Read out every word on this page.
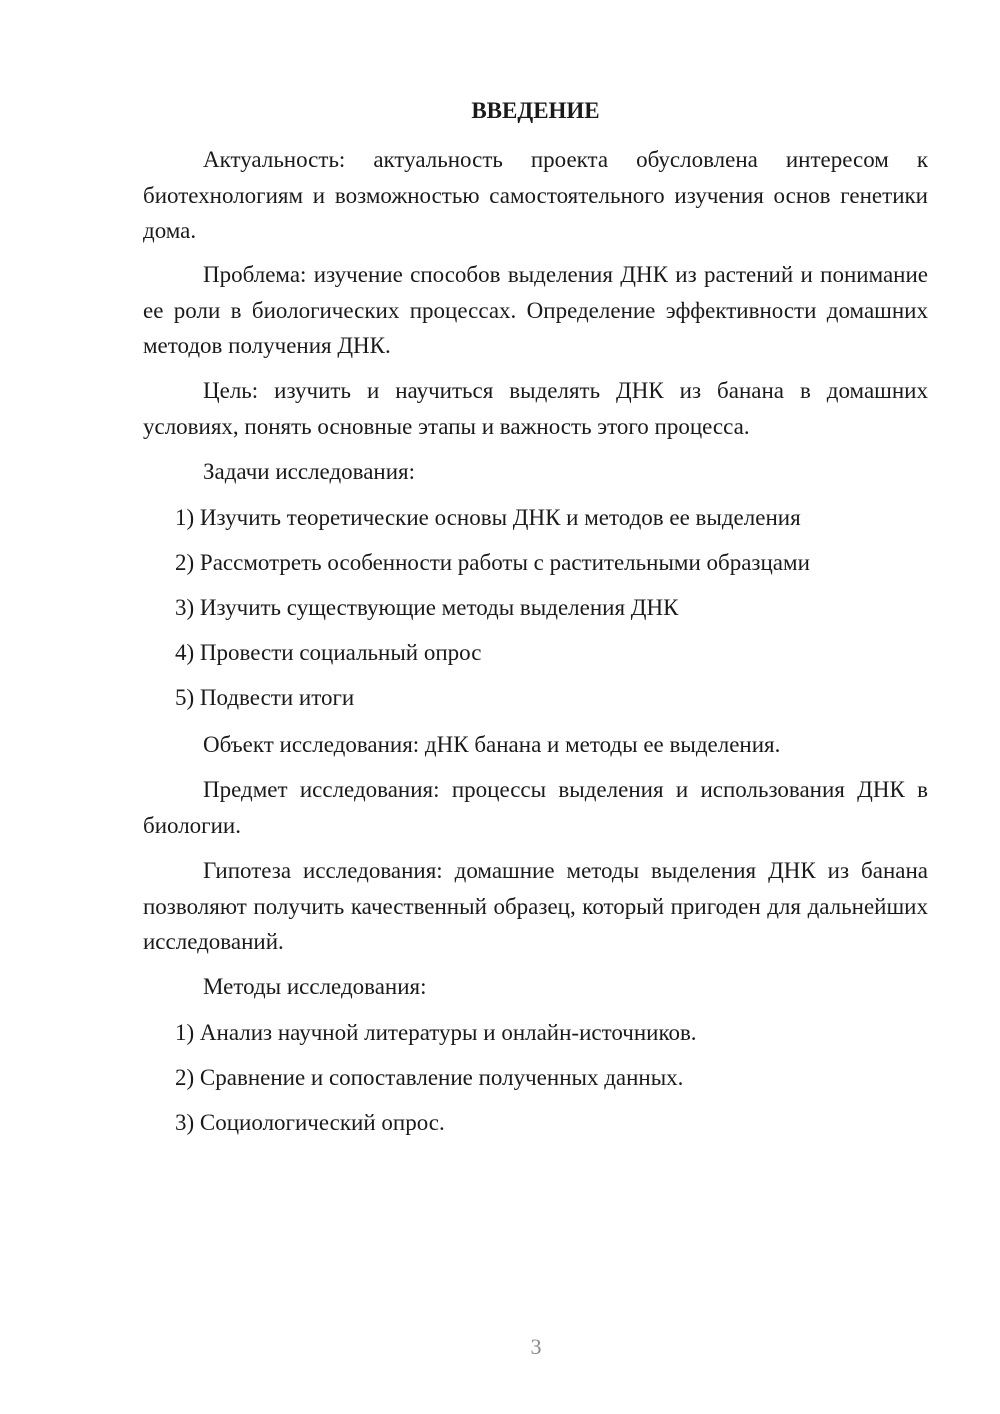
ВВЕДЕНИЕ

Актуальность: актуальность проекта обусловлена интересом к биотехнологиям и возможностью самостоятельного изучения основ генетики дома.

Проблема: изучение способов выделения ДНК из растений и понимание ее роли в биологических процессах. Определение эффективности домашних методов получения ДНК.

Цель: изучить и научиться выделять ДНК из банана в домашних условиях, понять основные этапы и важность этого процесса.

Задачи исследования:

1) Изучить теоретические основы ДНК и методов ее выделения

2) Рассмотреть особенности работы с растительными образцами

3) Изучить существующие методы выделения ДНК

4) Провести социальный опрос

5) Подвести итоги

Объект исследования: дНК банана и методы ее выделения.

Предмет исследования: процессы выделения и использования ДНК в биологии.

Гипотеза исследования: домашние методы выделения ДНК из банана позволяют получить качественный образец, который пригоден для дальнейших исследований.

Методы исследования:

1) Анализ научной литературы и онлайн-источников.

2) Сравнение и сопоставление полученных данных.

3) Социологический опрос.

3
